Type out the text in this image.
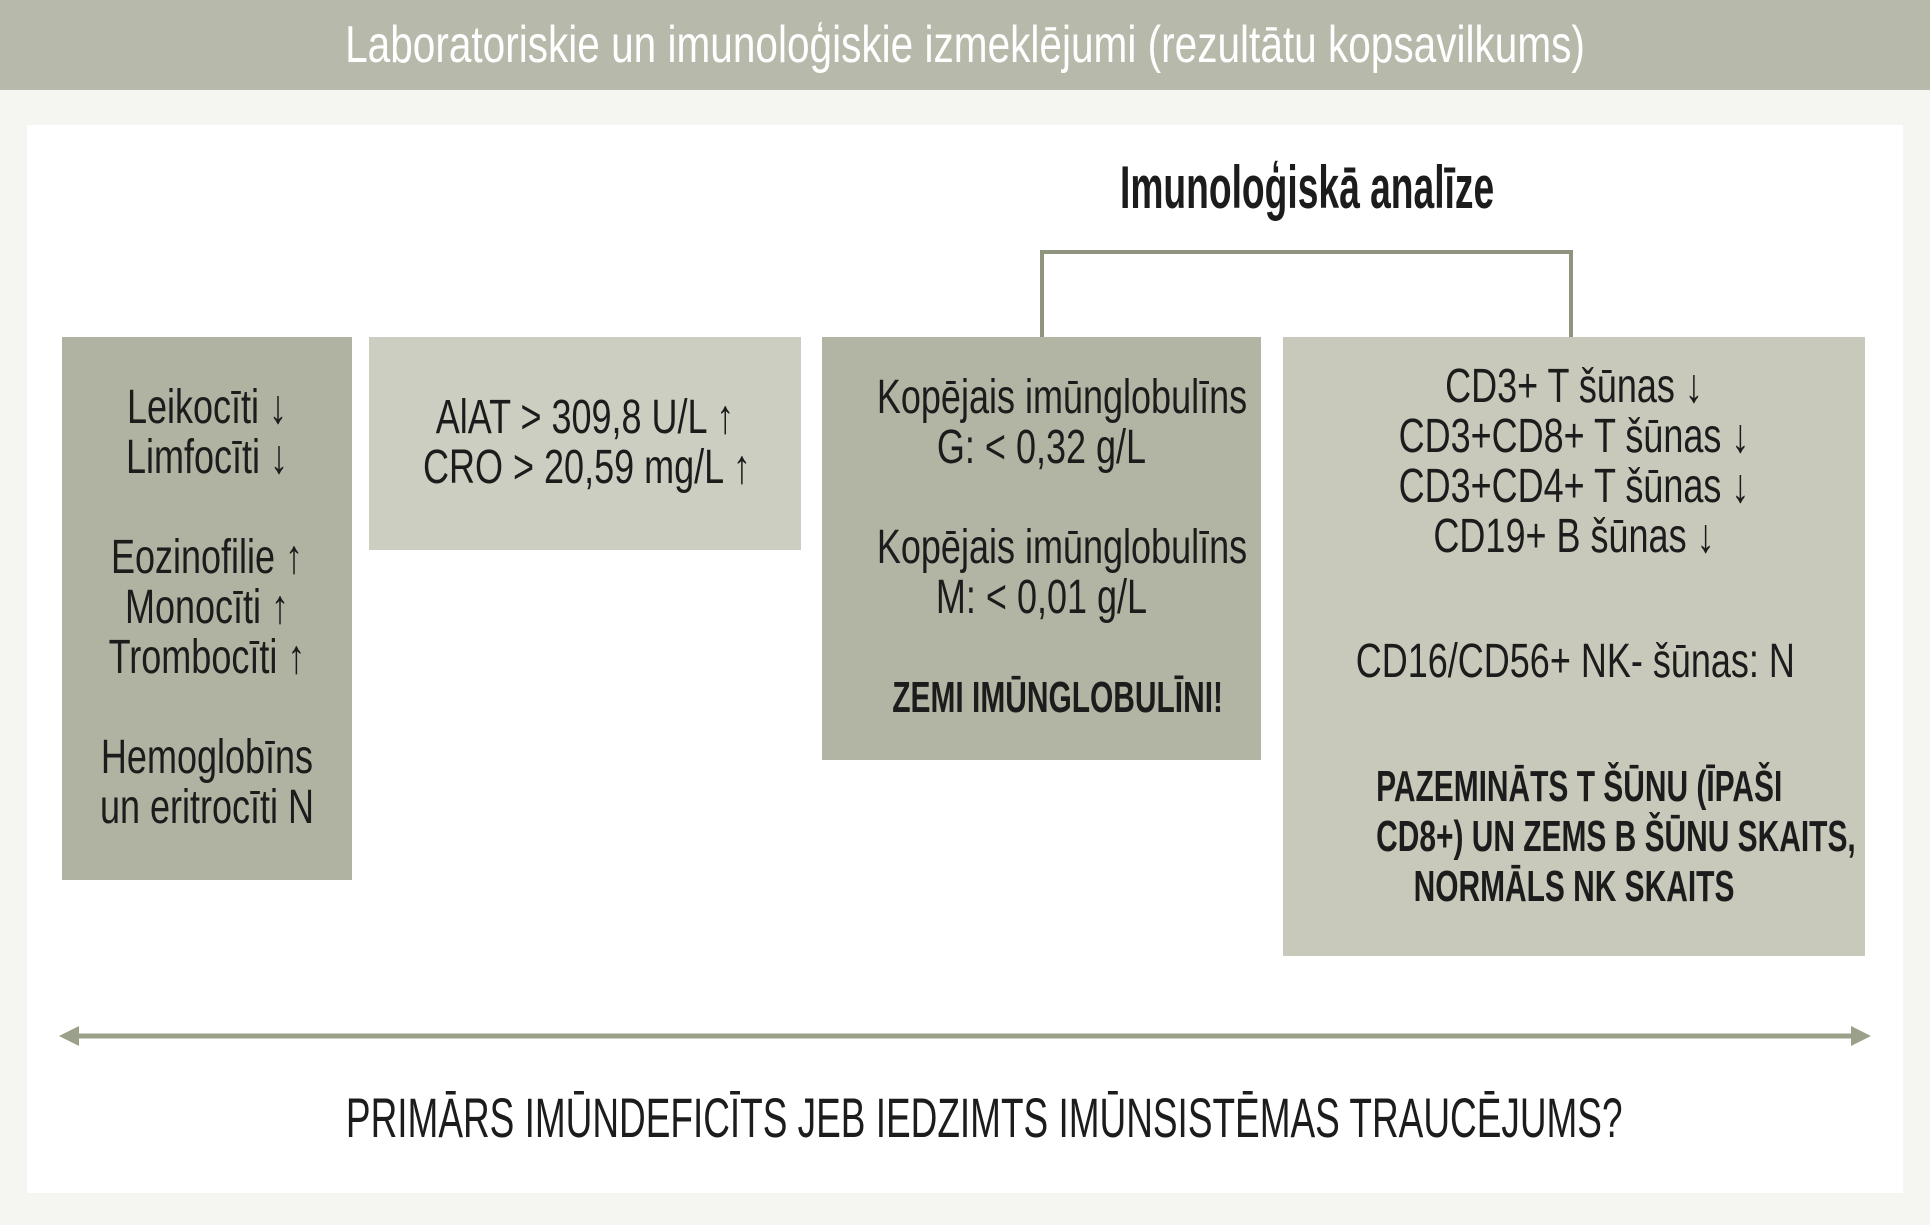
Laboratoriskie un imunoloģiskie izmeklējumi (rezultātu kopsavilkums)
Imunoloģiskā analīze
Leikocīti ↓
Limfocīti ↓

Eozinofilie ↑
Monocīti ↑
Trombocīti ↑

Hemoglobīns
un eritrocīti N
AlAT > 309,8 U/L ↑
CRO > 20,59 mg/L ↑
Kopējais imūnglobulīns
G: < 0,32 g/L

Kopējais imūnglobulīns
M: < 0,01 g/L

ZEMI IMŪNGLOBULĪNI!
CD3+ T šūnas ↓
CD3+CD8+ T šūnas ↓
CD3+CD4+ T šūnas ↓
CD19+ B šūnas ↓

CD16/CD56+ NK- šūnas: N

PAZEMINĀTS T ŠŪNU (ĪPAŠI
CD8+) UN ZEMS B ŠŪNU SKAITS,
NORMĀLS NK SKAITS
PRIMĀRS IMŪNDEFICĪTS JEB IEDZIMTS IMŪNSISTĒMAS TRAUCĒJUMS?
